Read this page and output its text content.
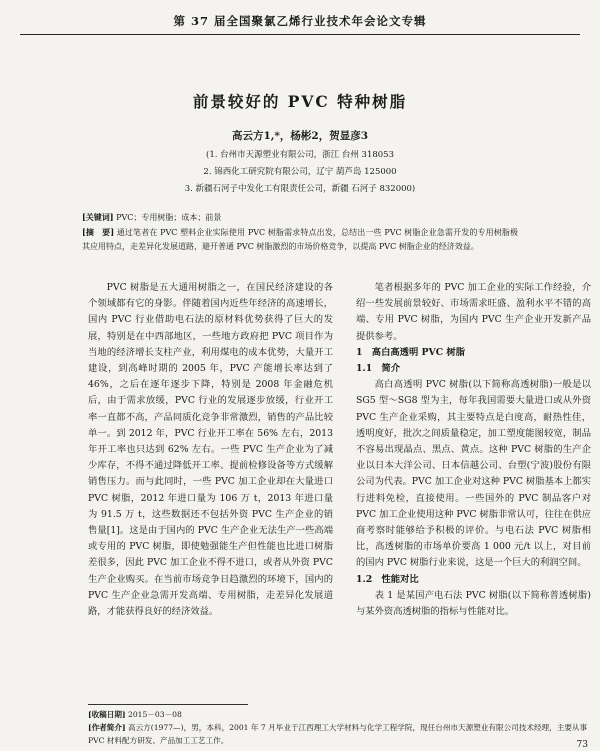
第 37 届全国聚氯乙烯行业技术年会论文专辑
前景较好的 PVC 特种树脂
高云方1,*，杨彬2，贺显彦3
(1. 台州市天源塑业有限公司，浙江 台州 318053
2. 锦西化工研究院有限公司，辽宁 葫芦岛 125000
3. 新疆石河子中发化工有限责任公司，新疆 石河子 832000)
[关键词] PVC；专用树脂；成本；前景
[摘　要] 通过笔者在 PVC 塑料企业实际使用 PVC 树脂需求特点出发，总结出一些 PVC 树脂企业急需开发的专用树脂极其应用特点，走差异化发展道路，避开普通 PVC 树脂激烈的市场价格竞争，以提高 PVC 树脂企业的经济效益。

PVC 树脂是五大通用树脂之一，在国民经济建设的各个领域都有它的身影。伴随着国内近些年经济的高速增长，国内 PVC 行业借助电石法的原材料优势获得了巨大的发展，特别是在中西部地区，一些地方政府把 PVC 项目作为当地的经济增长支柱产业，利用煤电的成本优势，大量开工建设，到高峰时期的 2005 年，PVC 产能增长率达到了 46%，之后在逐年逐步下降，特别是 2008 年金融危机后，由于需求放缓，PVC 行业的发展逐步放缓，行业开工率一直都不高，产品同质化竞争非常激烈，销售的产品比较单一。到 2012 年，PVC 行业开工率在 56% 左右，2013 年开工率也只达到 62% 左右。一些 PVC 生产企业为了减少库存，不得不通过降低开工率、提前检修设备等方式缓解销售压力。而与此同时，一些 PVC 加工企业却在大量进口 PVC 树脂，2012 年进口量为 106 万 t，2013 年进口量为 91.5 万 t，这些数据还不包括外资 PVC 生产企业的销售量[1]。这是由于国内的 PVC 生产企业无法生产一些高端或专用的 PVC 树脂，即使勉强能生产但性能也比进口树脂差很多，因此 PVC 加工企业不得不进口，或者从外资 PVC 生产企业购买。在当前市场竞争日趋激烈的环境下，国内的 PVC 生产企业急需开发高端、专用树脂，走差异化发展道路，才能获得良好的经济效益。

笔者根据多年的 PVC 加工企业的实际工作经验，介绍一些发展前景较好、市场需求旺盛、盈利水平不错的高端、专用 PVC 树脂，为国内 PVC 生产企业开发新产品提供参考。

1　高白高透明 PVC 树脂

1.1　简介

高白高透明 PVC 树脂(以下简称高透树脂)一般是以 SG5 型～SG8 型为主，每年我国需要大量进口或从外资 PVC 生产企业采购，其主要特点是白度高，耐热性佳，透明度好，批次之间质量稳定，加工塑度能图较宽，制品不容易出现晶点、黑点、黄点。这种 PVC 树脂的生产企业以日本大洋公司、日本信越公司、台塑(宁波)股份有限公司为代表。PVC 加工企业对这种 PVC 树脂基本上都实行进料免检，直接使用。一些国外的 PVC 制品客户对 PVC 加工企业使用这种 PVC 树脂非常认可，往往在供应商考察时能够给予积极的评价。与电石法 PVC 树脂相比，高透树脂的市场单价要高 1 000 元/t 以上，对目前的国内 PVC 树脂行业来说，这是一个巨大的利润空间。

1.2　性能对比

表 1 是某国产电石法 PVC 树脂(以下简称普透树脂)与某外资高透树脂的指标与性能对比。

[收稿日期] 2015－03－08
[作者简介] 高云方(1977—)，男，本科，2001 年 7 月毕业于江西理工大学材料与化学工程学院，现任台州市天源塑业有限公司技术经理，主要从事 PVC 材料配方研发、产品加工工艺工作。	73
